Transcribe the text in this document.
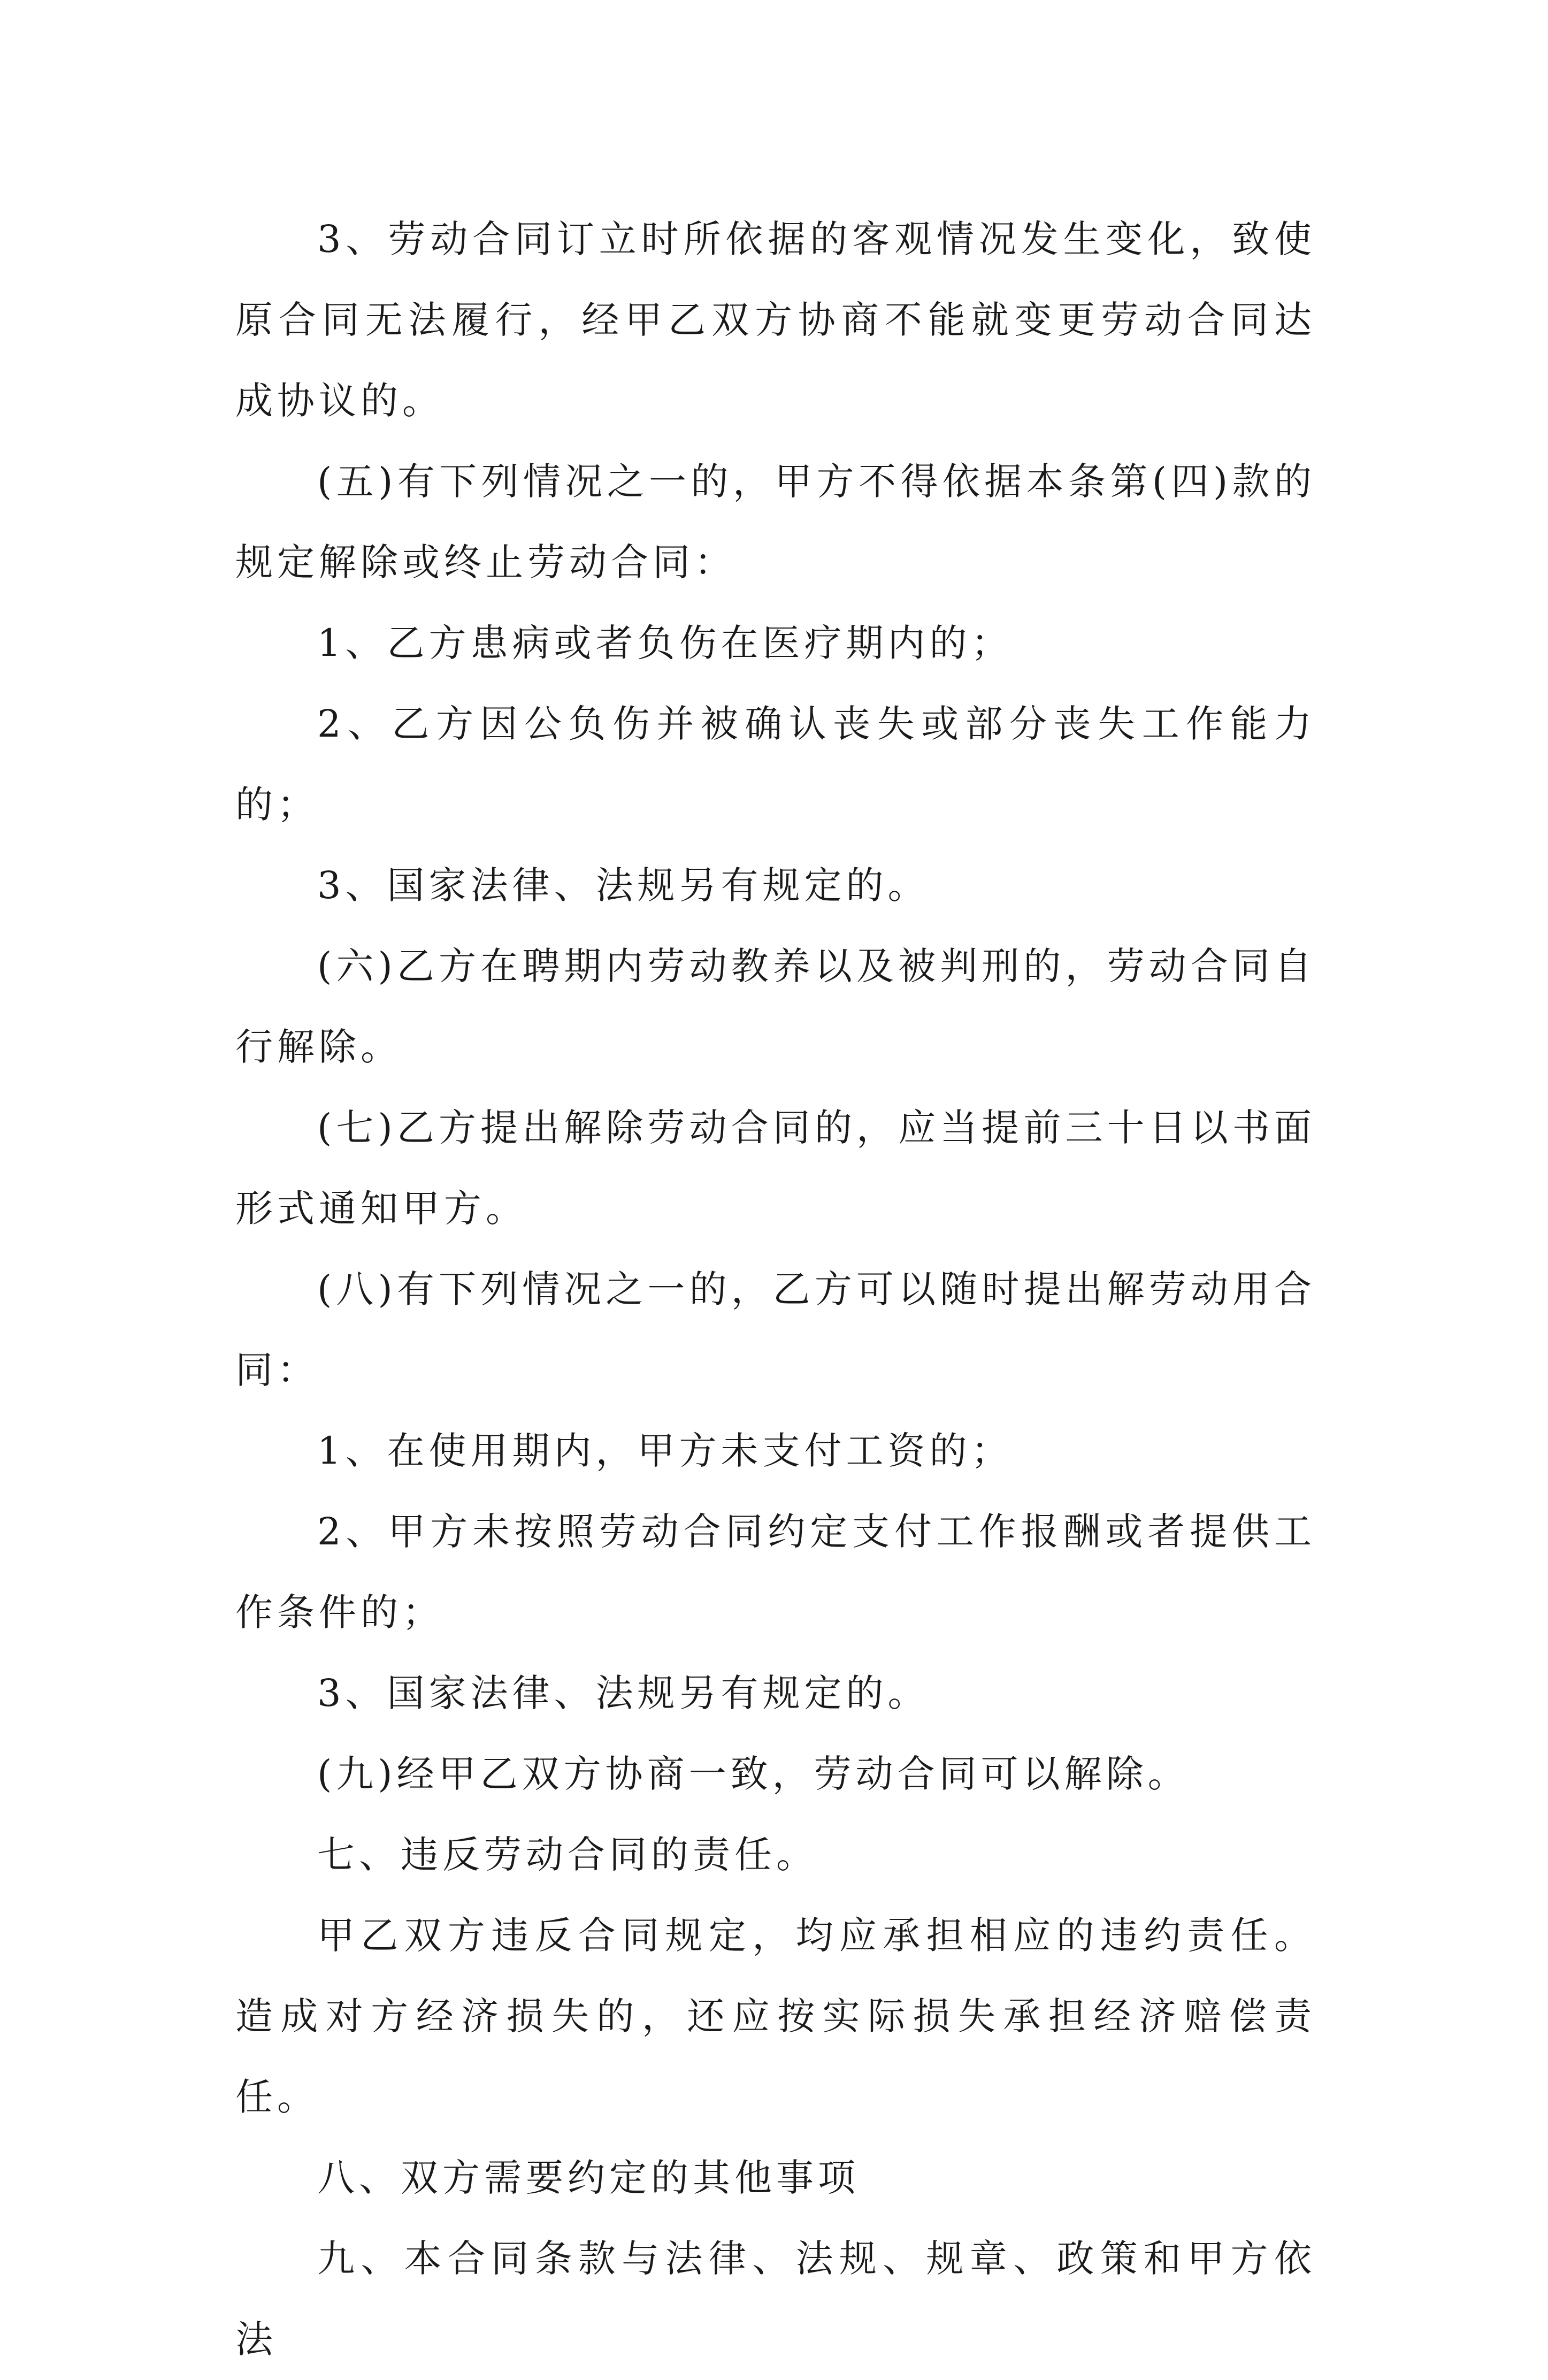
3、劳动合同订立时所依据的客观情况发生变化，致使原合同无法履行，经甲乙双方协商不能就变更劳动合同达成协议的。

(五)有下列情况之一的，甲方不得依据本条第(四)款的规定解除或终止劳动合同：

1、乙方患病或者负伤在医疗期内的；

2、乙方因公负伤并被确认丧失或部分丧失工作能力的；

3、国家法律、法规另有规定的。

(六)乙方在聘期内劳动教养以及被判刑的，劳动合同自行解除。

(七)乙方提出解除劳动合同的，应当提前三十日以书面形式通知甲方。

(八)有下列情况之一的，乙方可以随时提出解劳动用合同：

1、在使用期内，甲方未支付工资的；

2、甲方未按照劳动合同约定支付工作报酬或者提供工作条件的；

3、国家法律、法规另有规定的。

(九)经甲乙双方协商一致，劳动合同可以解除。

七、违反劳动合同的责任。

甲乙双方违反合同规定，均应承担相应的违约责任。造成对方经济损失的，还应按实际损失承担经济赔偿责任。

八、双方需要约定的其他事项

九、本合同条款与法律、法规、规章、政策和甲方依法
